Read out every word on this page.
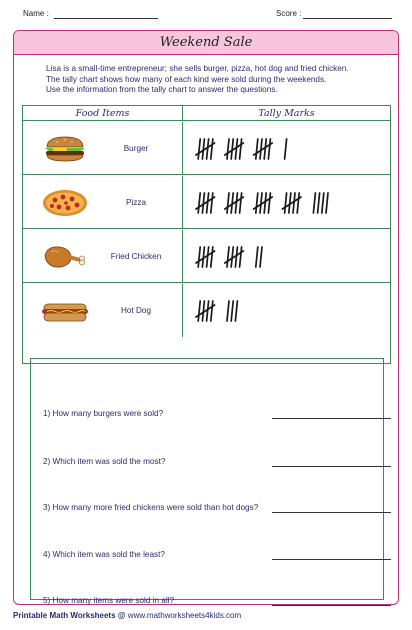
Name :	Score :
Weekend Sale

Lisa is a small-time entrepreneur; she sells burger, pizza, hot dog and fried chicken.

The tally chart shows how many of each kind were sold during the weekends.

Use the information from the tally chart to answer the questions.

Food Items	Tally Marks
Burger
Pizza
Fried Chicken
Hot Dog
1) How many burgers were sold?
2) Which item was sold the most?
3) How many more fried chickens were sold than hot dogs?
4) Which item was sold the least?
5) How many items were sold in all?
Printable Math Worksheets @ www.mathworksheets4kids.com
